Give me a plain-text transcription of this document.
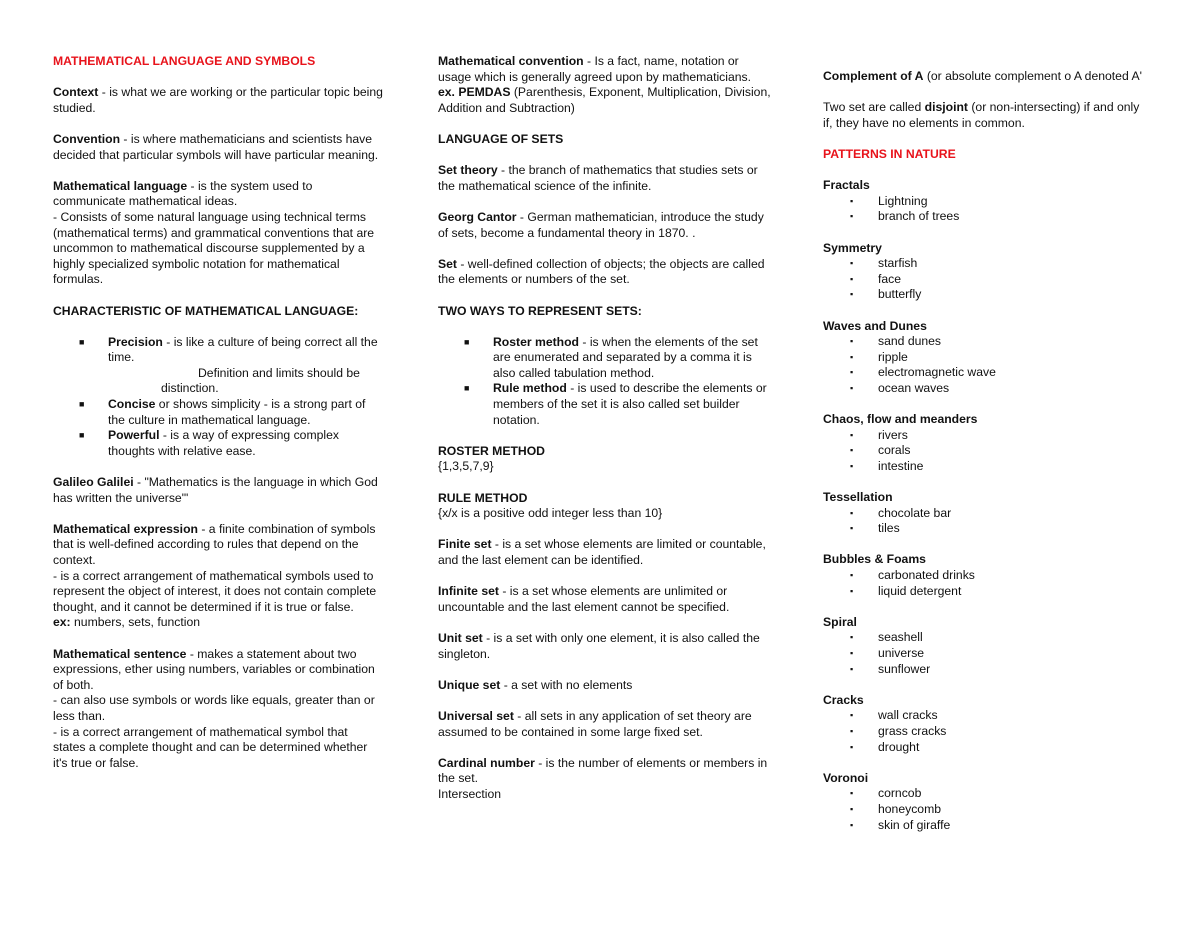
MATHEMATICAL LANGUAGE AND SYMBOLS

Context - is what we are working or the particular topic being studied.

Convention - is where mathematicians and scientists have decided that particular symbols will have particular meaning.

Mathematical language - is the system used to communicate mathematical ideas.
- Consists of some natural language using technical terms (mathematical terms) and grammatical conventions that are uncommon to mathematical discourse supplemented by a highly specialized symbolic notation for mathematical formulas.

CHARACTERISTIC OF MATHEMATICAL LANGUAGE:

■ Precision - is like a culture of being correct all the time.

Definition and limits should be
distinction.
■ Concise or shows simplicity - is a strong part of the culture in mathematical language.
■ Powerful - is a way of expressing complex thoughts with relative ease.

Galileo Galilei - "Mathematics is the language in which God has written the universe"'

Mathematical expression - a finite combination of symbols that is well-defined according to rules that depend on the context.
- is a correct arrangement of mathematical symbols used to represent the object of interest, it does not contain complete thought, and it cannot be determined if it is true or false.
ex: numbers, sets, function

Mathematical sentence - makes a statement about two expressions, ether using numbers, variables or combination of both.
- can also use symbols or words like equals, greater than or less than.
- is a correct arrangement of mathematical symbol that states a complete thought and can be determined whether it's true or false.

Mathematical convention - Is a fact, name, notation or usage which is generally agreed upon by mathematicians.
ex. PEMDAS (Parenthesis, Exponent, Multiplication, Division, Addition and Subtraction)

LANGUAGE OF SETS

Set theory - the branch of mathematics that studies sets or the mathematical science of the infinite.

Georg Cantor - German mathematician, introduce the study of sets, become a fundamental theory in 1870. .

Set - well-defined collection of objects; the objects are called the elements or numbers of the set.

TWO WAYS TO REPRESENT SETS:

■ Roster method - is when the elements of the set are enumerated and separated by a comma it is also called tabulation method.
■ Rule method - is used to describe the elements or members of the set it is also called set builder notation.

ROSTER METHOD
{1,3,5,7,9}

RULE METHOD
{x/x is a positive odd integer less than 10}

Finite set - is a set whose elements are limited or countable, and the last element can be identified.

Infinite set - is a set whose elements are unlimited or uncountable and the last element cannot be specified.

Unit set - is a set with only one element, it is also called the singleton.

Unique set - a set with no elements

Universal set - all sets in any application of set theory are assumed to be contained in some large fixed set.

Cardinal number - is the number of elements or members in the set.
Intersection

Complement of A (or absolute complement o A denoted A'

Two set are called disjoint (or non-intersecting) if and only if, they have no elements in common.

PATTERNS IN NATURE

Fractals
▪ Lightning
▪ branch of trees
Symmetry
▪ starfish
▪ face
▪ butterfly
Waves and Dunes
▪ sand dunes
▪ ripple
▪ electromagnetic wave
▪ ocean waves
Chaos, flow and meanders
▪ rivers
▪ corals
▪ intestine
Tessellation
▪ chocolate bar
▪ tiles
Bubbles & Foams
▪ carbonated drinks
▪ liquid detergent
Spiral
▪ seashell
▪ universe
▪ sunflower
Cracks
▪ wall cracks
▪ grass cracks
▪ drought
Voronoi
▪ corncob
▪ honeycomb
▪ skin of giraffe
